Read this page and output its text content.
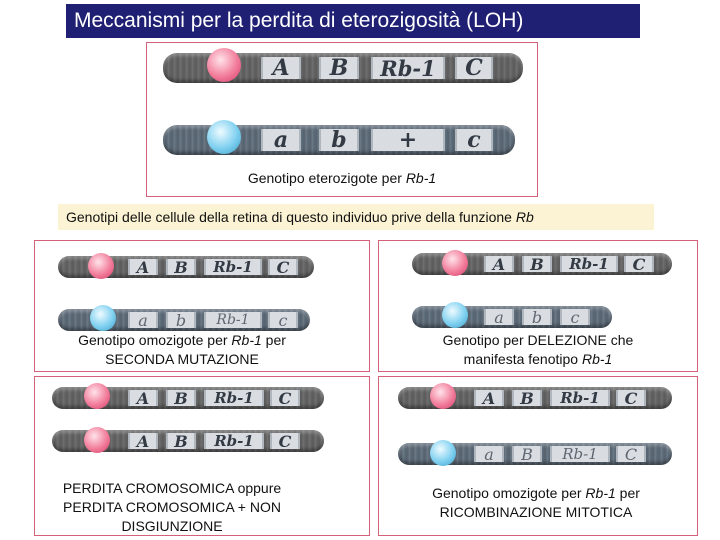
Meccanismi per la perdita di eterozigosità (LOH)
A	B	Rb-1	C
a	b	+	c
Genotipo eterozigote per Rb-1
Genotipi delle cellule della retina di questo individuo prive della funzione Rb
A	B	Rb-1	C
a	b	Rb-1	c
Genotipo omozigote per Rb-1 per
SECONDA MUTAZIONE
A	B	Rb-1	C
a	b	c
Genotipo per DELEZIONE che
manifesta fenotipo Rb-1
A	B	Rb-1	C
A	B	Rb-1	C
PERDITA CROMOSOMICA oppure
PERDITA CROMOSOMICA + NON
DISGIUNZIONE
A	B	Rb-1	C
a	B	Rb-1	C
Genotipo omozigote per Rb-1 per
RICOMBINAZIONE MITOTICA
